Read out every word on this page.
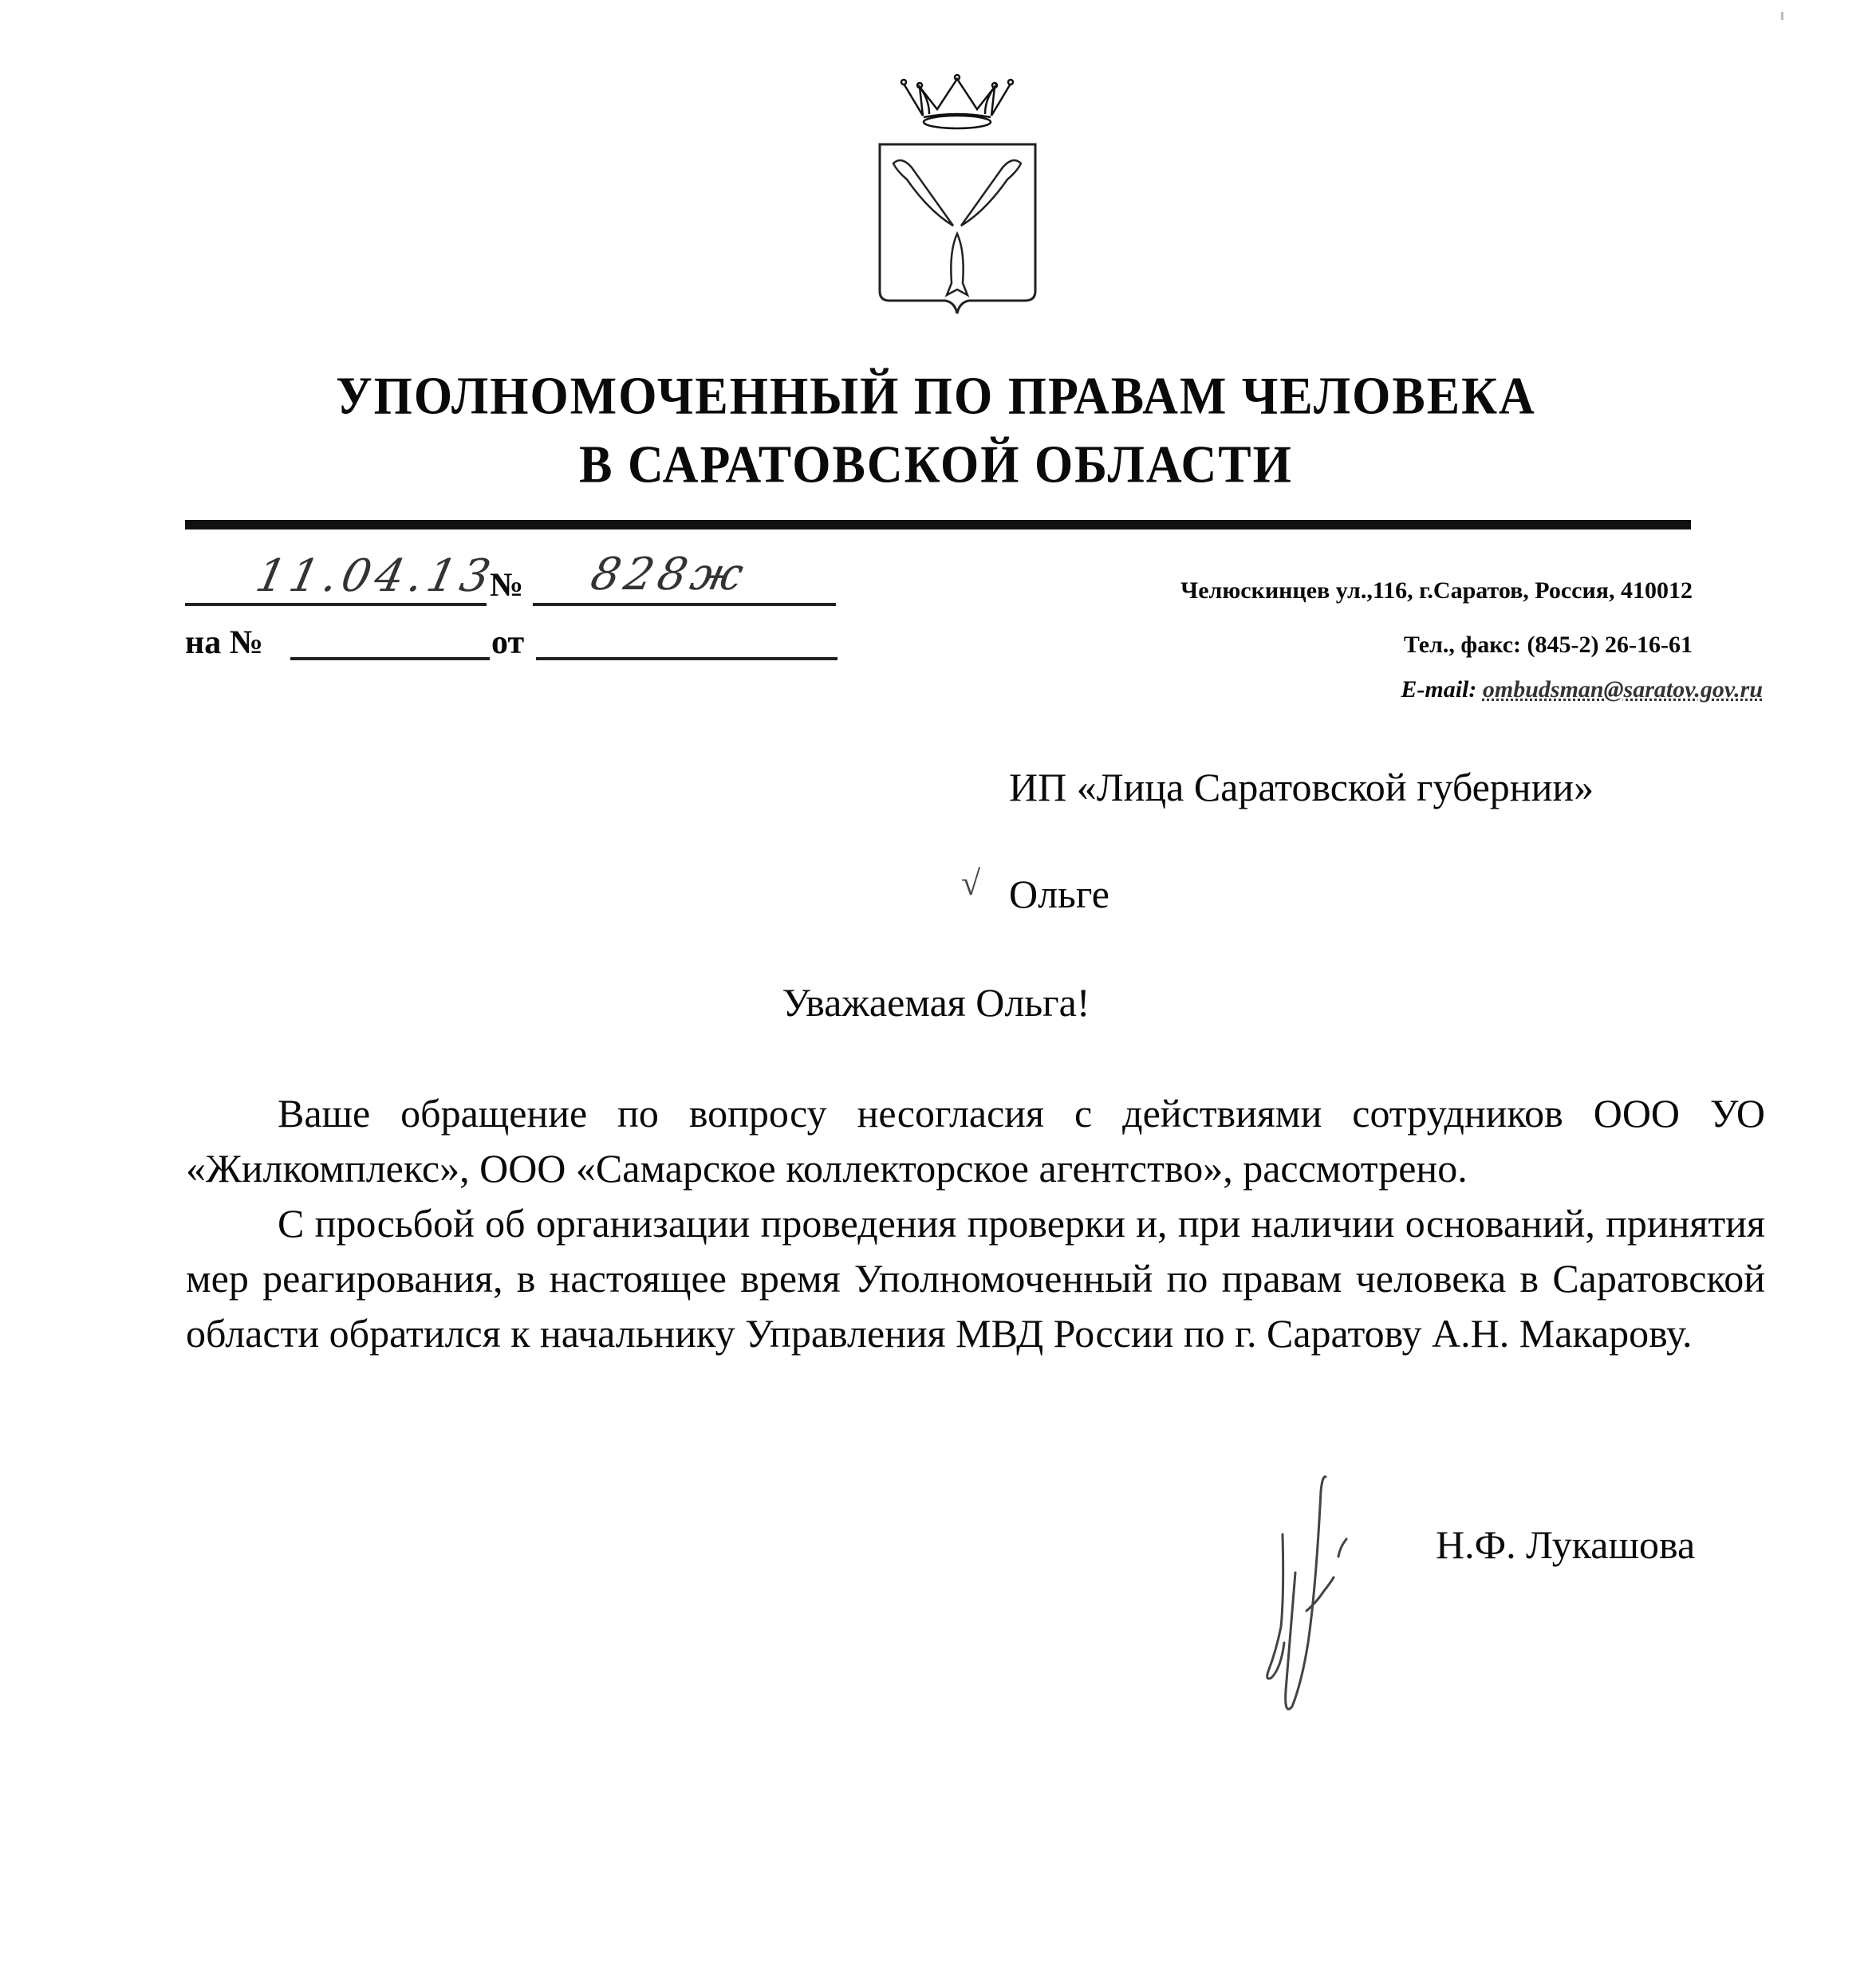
УПОЛНОМОЧЕННЫЙ ПО ПРАВАМ ЧЕЛОВЕКА
В САРАТОВСКОЙ ОБЛАСТИ
11.04.13
№ 828ж
на №	от
Челюскинцев ул.,116, г.Саратов, Россия, 410012
Тел., факс: (845-2) 26-16-61
E-mail: ombudsman@saratov.gov.ru
ИП «Лица Саратовской губернии»
√ Ольге
Уважаемая Ольга!

Ваше обращение по вопросу несогласия с действиями сотрудников ООО УО «Жилкомплекс», ООО «Самарское коллекторское агентство», рассмотрено.

С просьбой об организации проведения проверки и, при наличии оснований, принятия мер реагирования, в настоящее время Уполномоченный по правам человека в Саратовской области обратился к начальнику Управления МВД России по г. Саратову А.Н. Макарову.

Н.Ф. Лукашова
